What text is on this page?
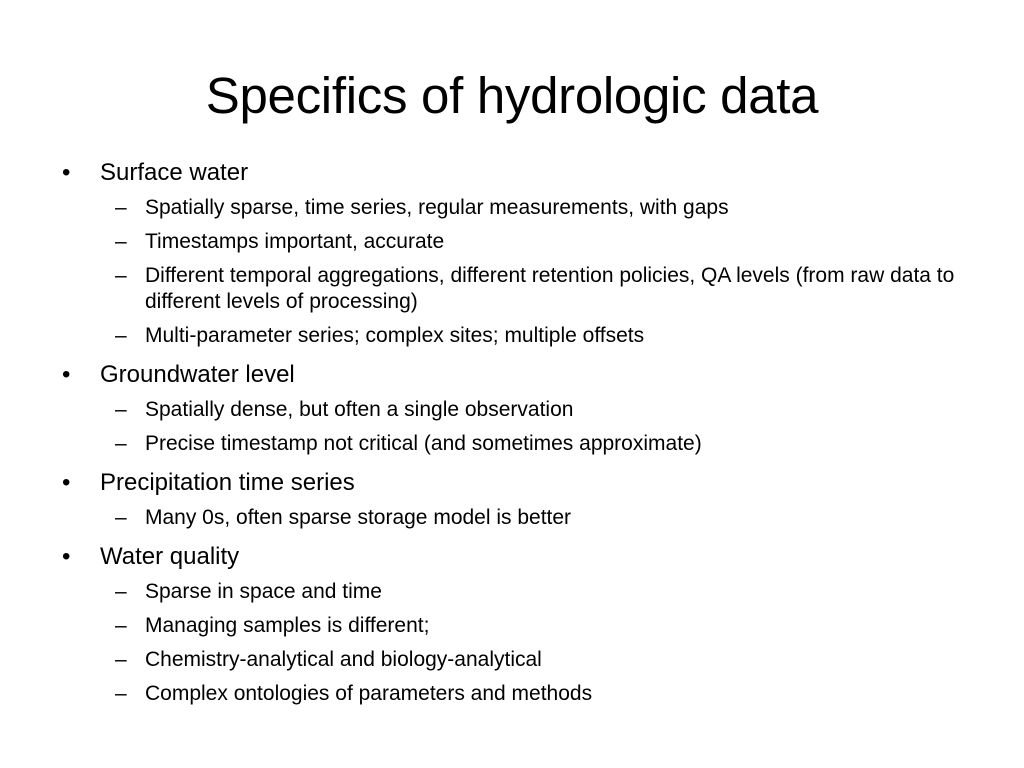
Specifics of hydrologic data
•	Surface water
– Spatially sparse, time series, regular measurements, with gaps
– Timestamps important, accurate
– Different temporal aggregations, different retention policies, QA levels (from raw data to different levels of processing)
– Multi-parameter series; complex sites; multiple offsets
•	Groundwater level
– Spatially dense, but often a single observation
– Precise timestamp not critical (and sometimes approximate)
•	Precipitation time series
– Many 0s, often sparse storage model is better
•	Water quality
– Sparse in space and time
– Managing samples is different;
– Chemistry-analytical and biology-analytical
– Complex ontologies of parameters and methods
